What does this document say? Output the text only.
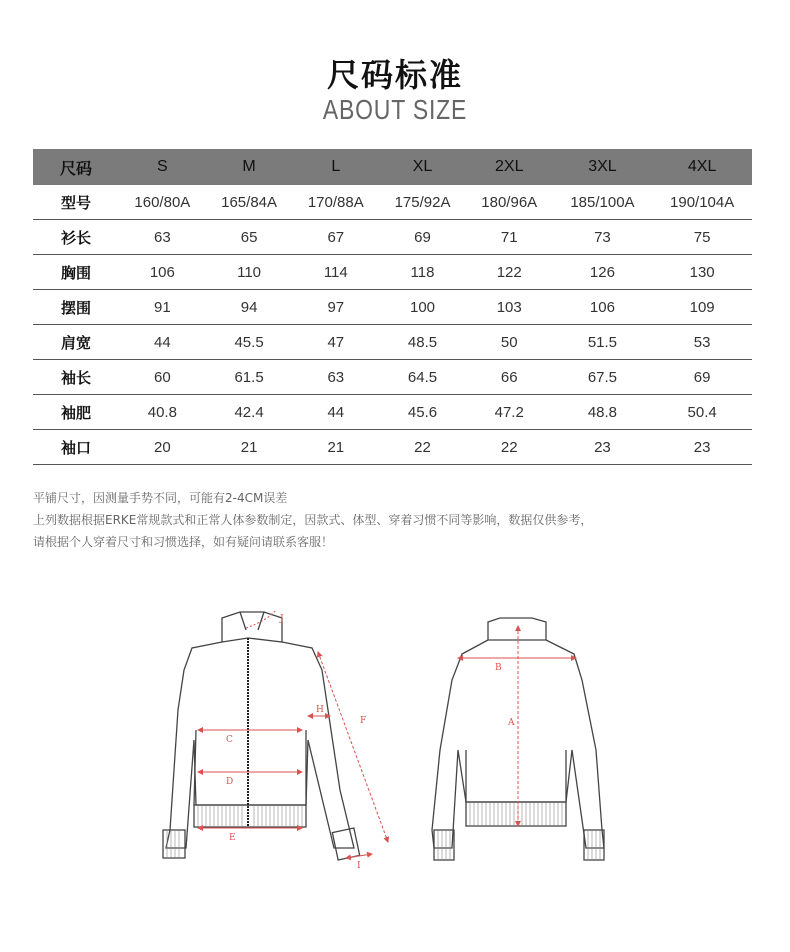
尺码标准
ABOUT SIZE
尺码	S	M	L	XL	2XL	3XL	4XL
型号	160/80A	165/84A	170/88A	175/92A	180/96A	185/100A	190/104A
衫长	63	65	67	69	71	73	75
胸围	106	110	114	118	122	126	130
摆围	91	94	97	100	103	106	109
肩宽	44	45.5	47	48.5	50	51.5	53
袖长	60	61.5	63	64.5	66	67.5	69
袖肥	40.8	42.4	44	45.6	47.2	48.8	50.4
袖口	20	21	21	22	22	23	23
平铺尺寸，因测量手势不同，可能有2-4CM误差
上列数据根据ERKE常规款式和正常人体参数制定，因款式、体型、穿着习惯不同等影响，数据仅供参考，
请根据个人穿着尺寸和习惯选择，如有疑问请联系客服！
C
D
E
F
H
I
J
B
A
